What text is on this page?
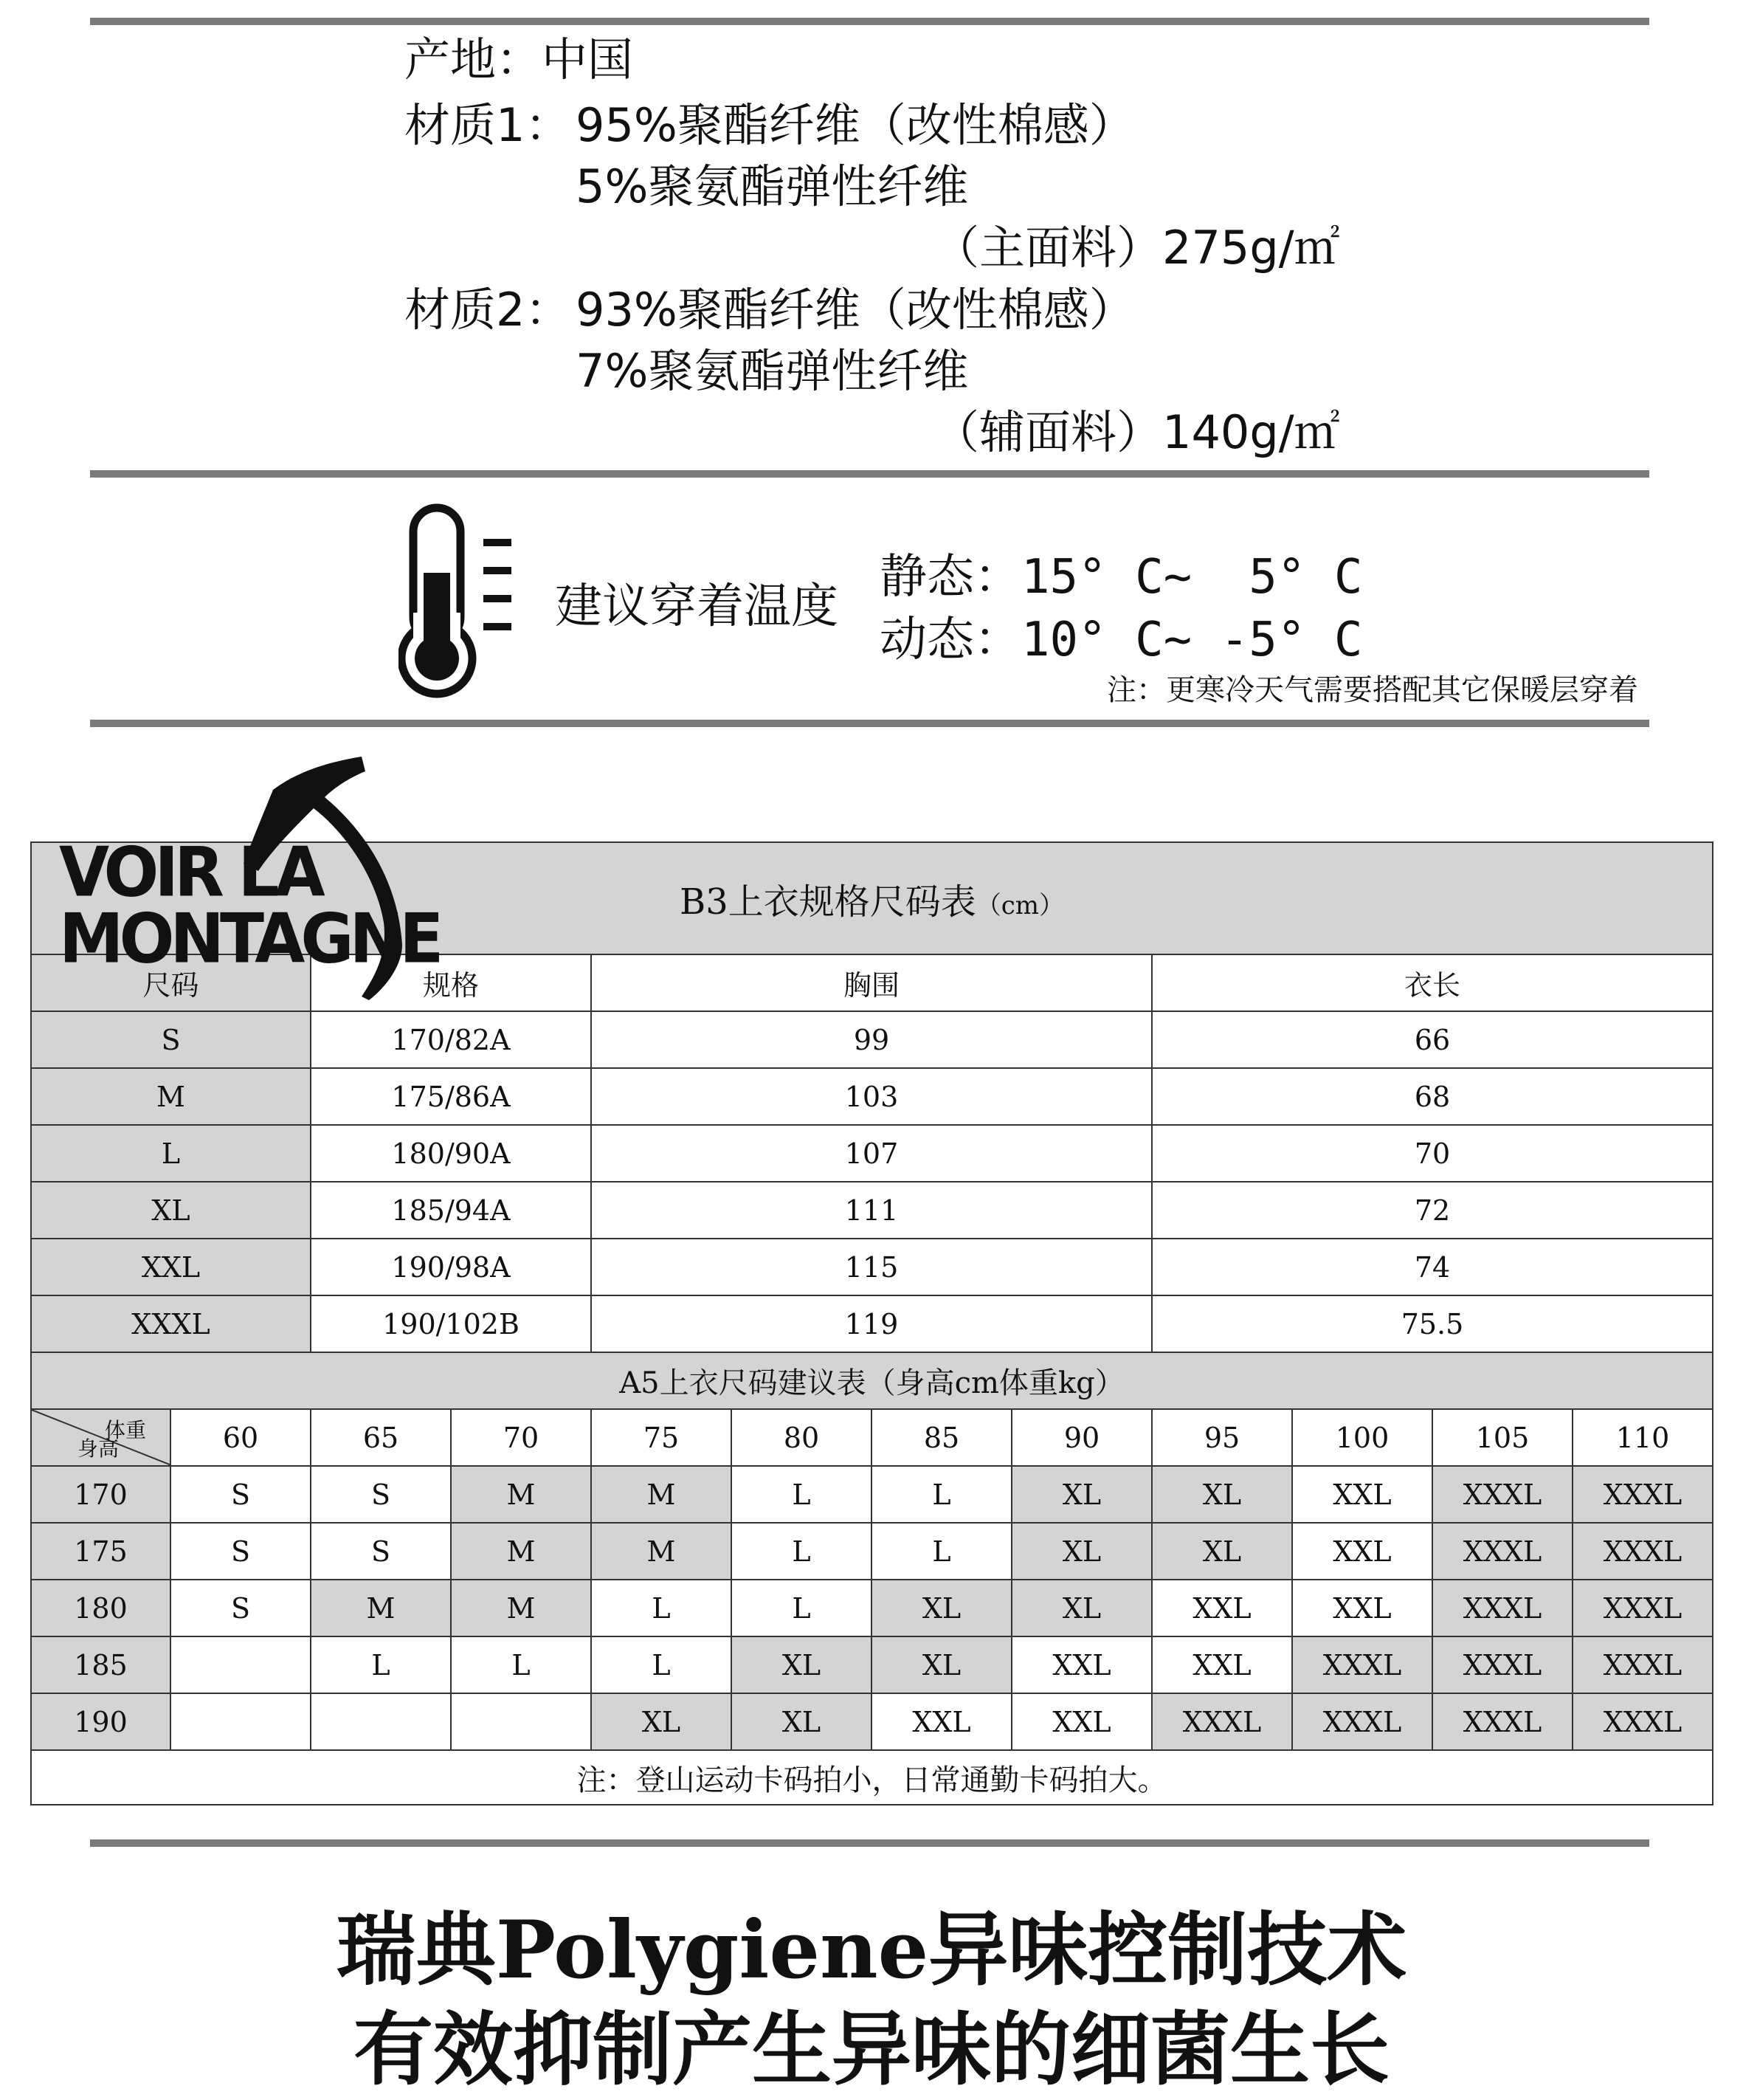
产地：中国
材质1： 95%聚酯纤维（改性棉感）
5%聚氨酯弹性纤维
（主面料）275g/㎡
材质2： 93%聚酯纤维（改性棉感）
7%聚氨酯弹性纤维
（辅面料）140g/㎡
建议穿着温度
静态：15° C~  5° C
动态：10° C~ -5° C
注：更寒冷天气需要搭配其它保暖层穿着
B3上衣规格尺码表（cm）											
尺码		规格		胸围				衣长			
S		170/82A		99				66			
M		175/86A		103				68			
L		180/90A		107				70			
XL		185/94A		111				72			
XXL		190/98A		115				74			
XXXL		190/102B		119				75.5			
A5上衣尺码建议表（身高cm体重kg）											

体重
身高	60	65	70	75	80	85	90	95	100	105	110
170	S	S	M	M	L	L	XL	XL	XXL	XXXL	XXXL
175	S	S	M	M	L	L	XL	XL	XXL	XXXL	XXXL
180	S	M	M	L	L	XL	XL	XXL	XXL	XXXL	XXXL
185		L	L	L	XL	XL	XXL	XXL	XXXL	XXXL	XXXL
190				XL	XL	XXL	XXL	XXXL	XXXL	XXXL	XXXL
注：登山运动卡码拍小，日常通勤卡码拍大。											
VOIR LA
MONTAGNE
瑞典Polygiene异味控制技术
有效抑制产生异味的细菌生长
